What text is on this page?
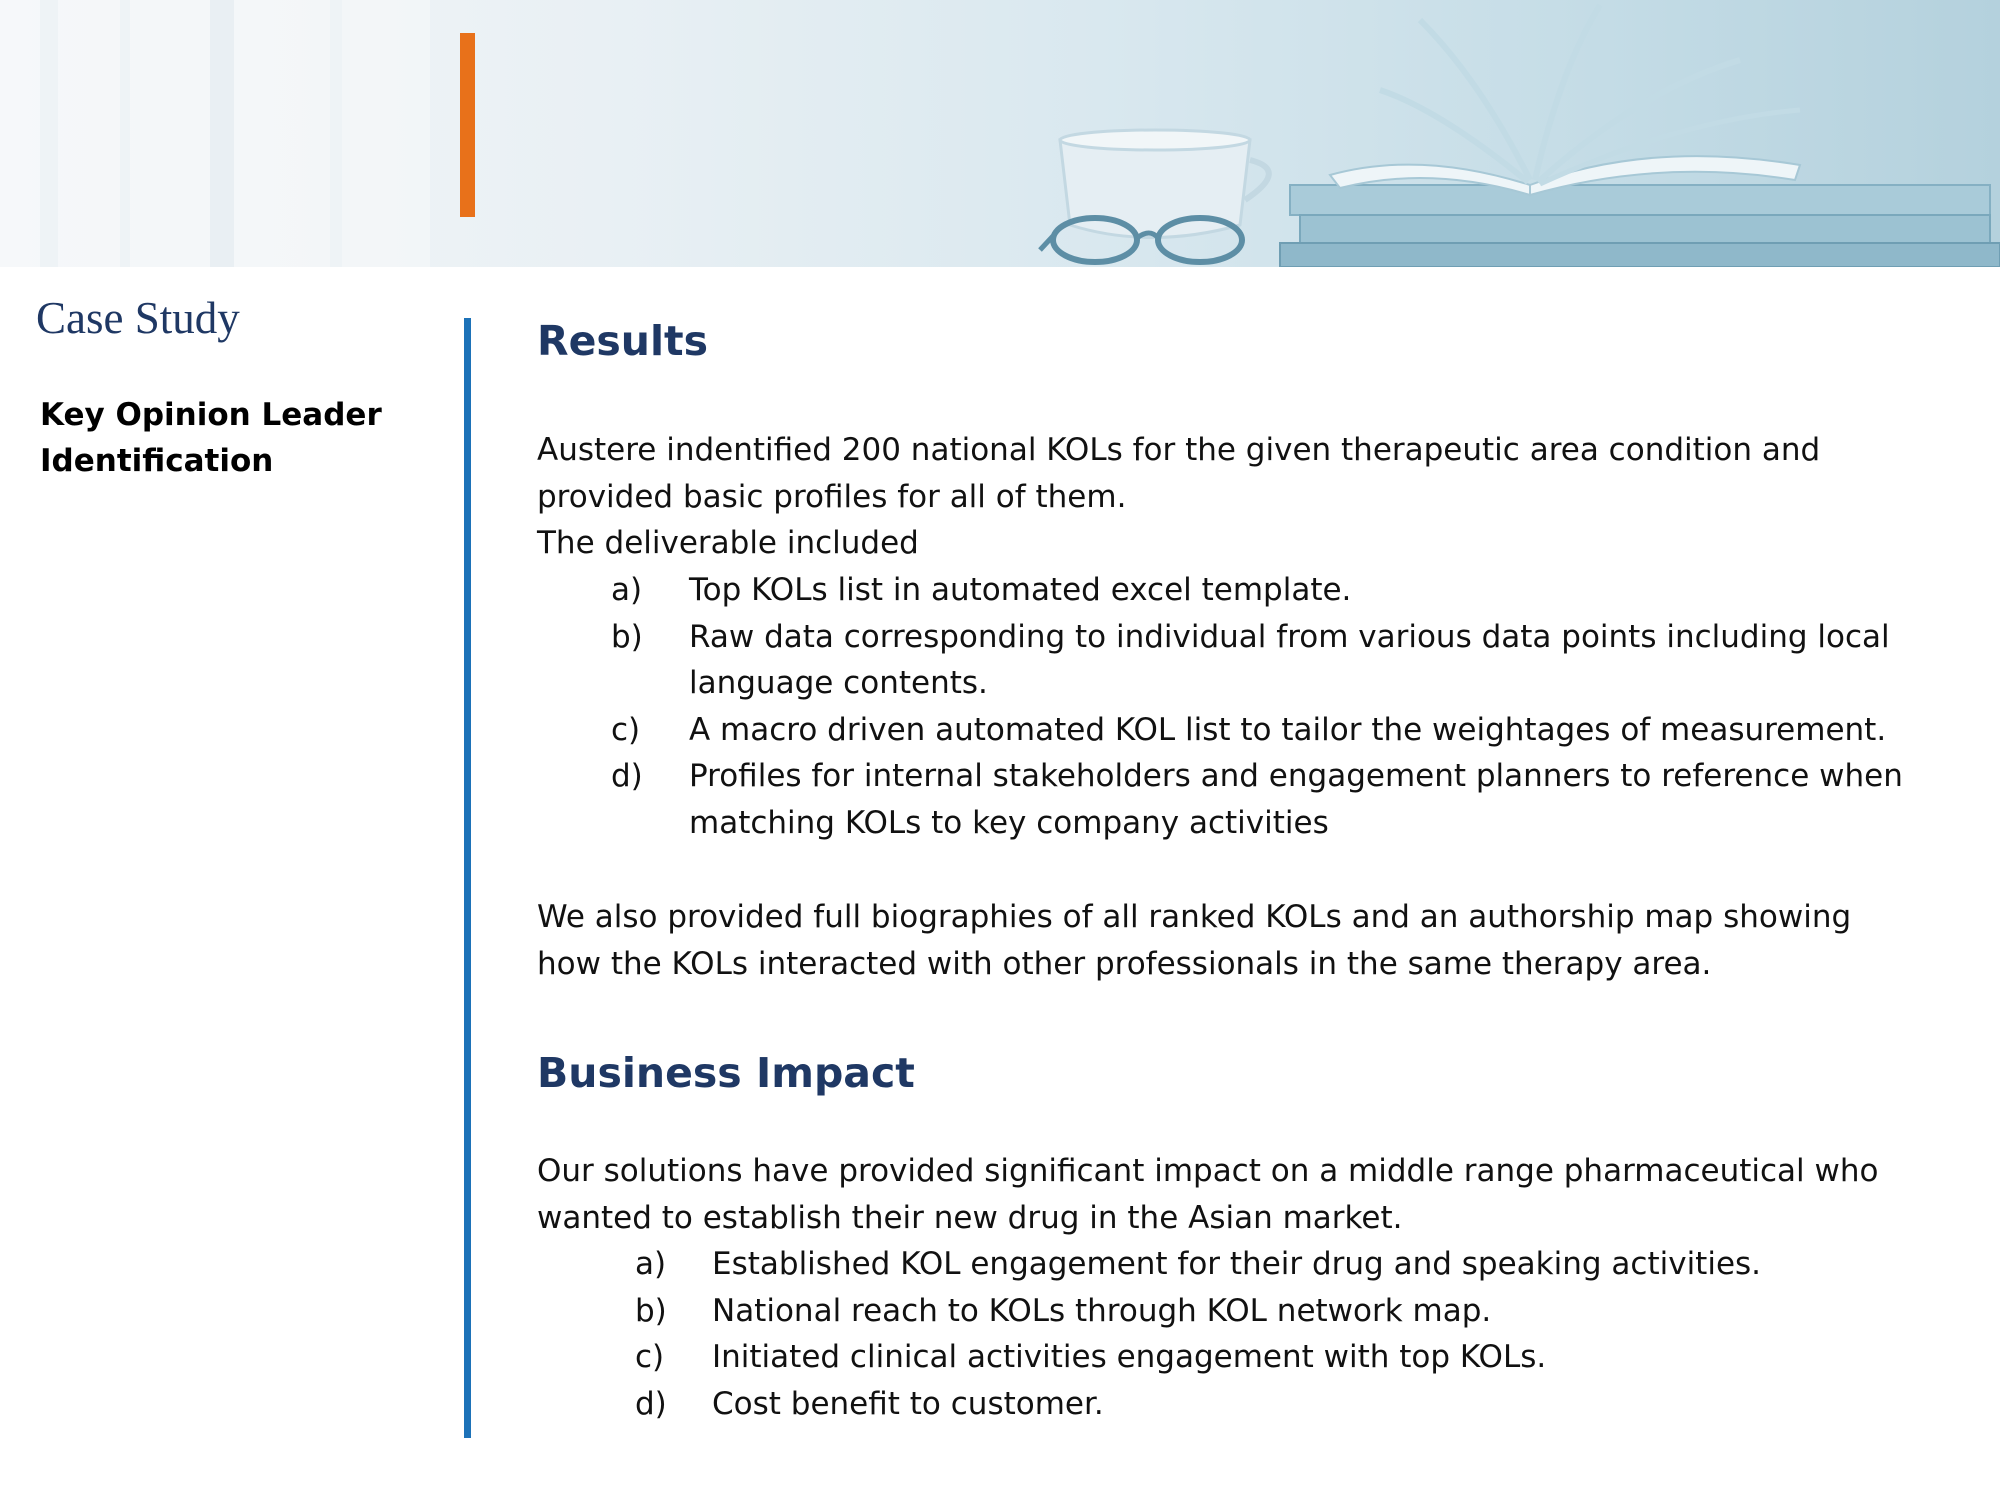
Case Study
Key Opinion Leader
Identification
Results
Austere indentified 200 national KOLs for the given therapeutic area condition and
provided basic profiles for all of them.
The deliverable included
a) Top KOLs list in automated excel template.
b) Raw data corresponding to individual from various data points including local
language contents.
c) A macro driven automated KOL list to tailor the weightages of measurement.
d) Profiles for internal stakeholders and engagement planners to reference when
matching KOLs to key company activities
We also provided full biographies of all ranked KOLs and an authorship map showing
how the KOLs interacted with other professionals in the same therapy area.
Business Impact
Our solutions have provided significant impact on a middle range pharmaceutical who
wanted to establish their new drug in the Asian market.
a) Established KOL engagement for their drug and speaking activities.
b) National reach to KOLs through KOL network map.
c) Initiated clinical activities engagement with top KOLs.
d) Cost benefit to customer.
